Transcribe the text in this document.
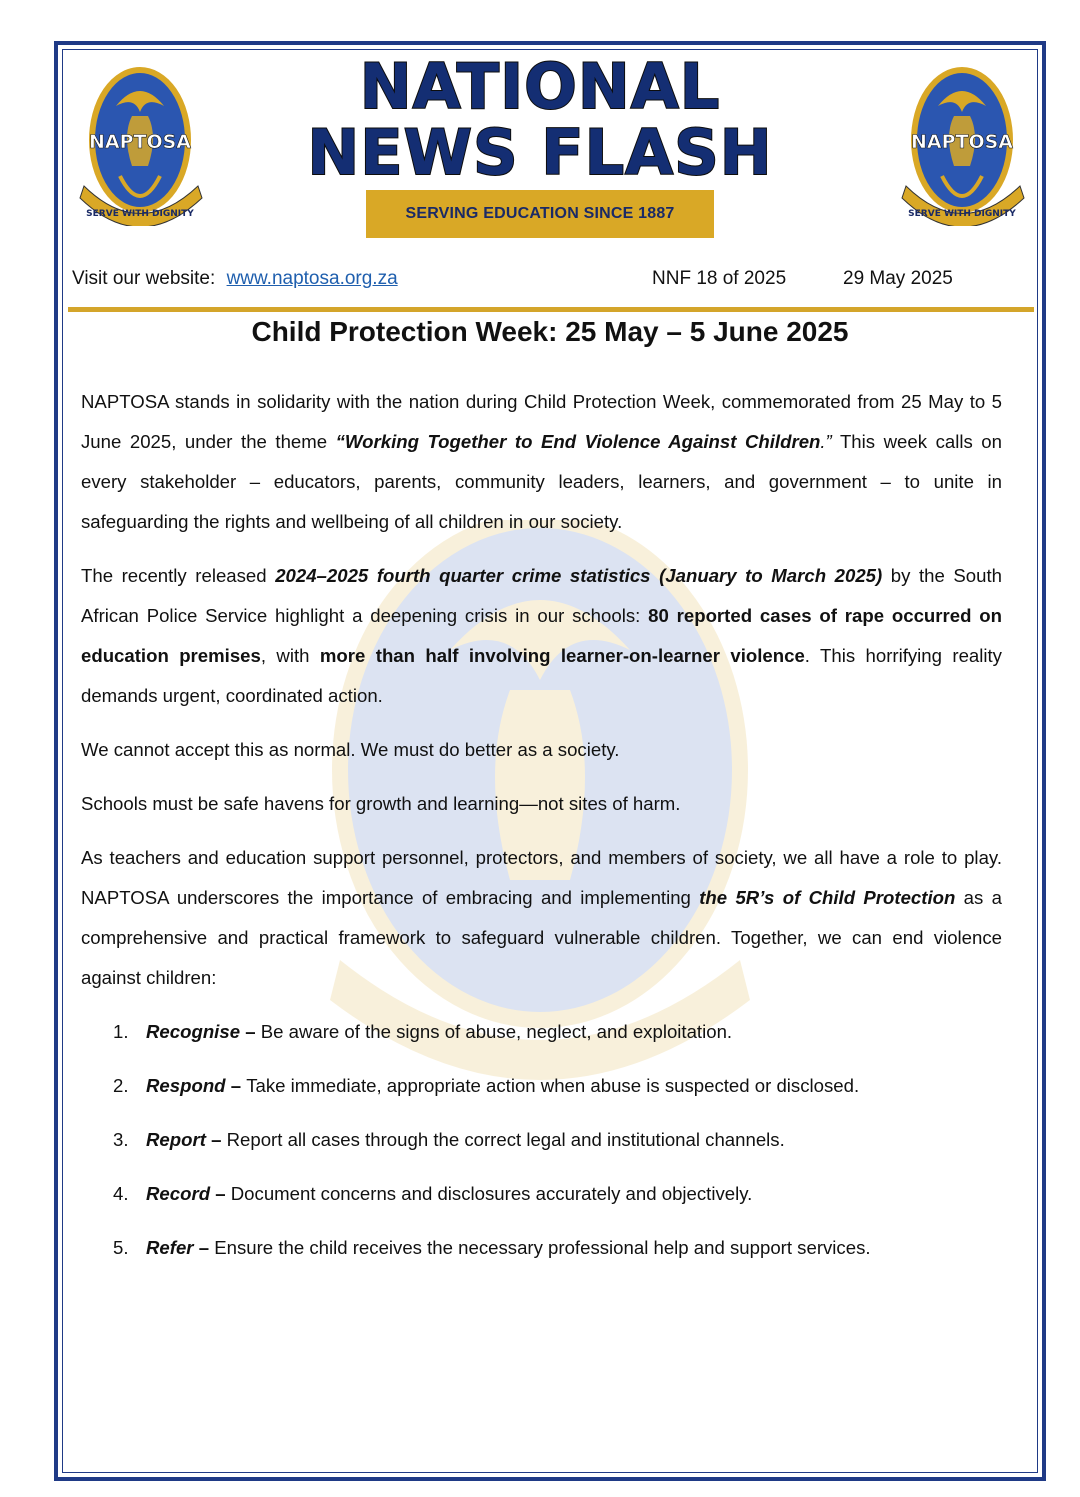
NAPTOSA
SERVE WITH DIGNITY
NAPTOSA
SERVE WITH DIGNITY
NATIONAL
NEWS FLASH
SERVING EDUCATION SINCE 1887
Visit our website: www.naptosa.org.za	NNF 18 of 2025	29 May 2025
Child Protection Week: 25 May – 5 June 2025

NAPTOSA stands in solidarity with the nation during Child Protection Week, commemorated from 25 May to 5 June 2025, under the theme “Working Together to End Violence Against Children.” This week calls on every stakeholder – educators, parents, community leaders, learners, and government – to unite in safeguarding the rights and wellbeing of all children in our society.

The recently released 2024–2025 fourth quarter crime statistics (January to March 2025) by the South African Police Service highlight a deepening crisis in our schools: 80 reported cases of rape occurred on education premises, with more than half involving learner-on-learner violence. This horrifying reality demands urgent, coordinated action.

We cannot accept this as normal. We must do better as a society.

Schools must be safe havens for growth and learning—not sites of harm.

As teachers and education support personnel, protectors, and members of society, we all have a role to play. NAPTOSA underscores the importance of embracing and implementing the 5R’s of Child Protection as a comprehensive and practical framework to safeguard vulnerable children. Together, we can end violence against children:

1. Recognise – Be aware of the signs of abuse, neglect, and exploitation.
2. Respond – Take immediate, appropriate action when abuse is suspected or disclosed.
3. Report – Report all cases through the correct legal and institutional channels.
4. Record – Document concerns and disclosures accurately and objectively.
5. Refer – Ensure the child receives the necessary professional help and support services.
